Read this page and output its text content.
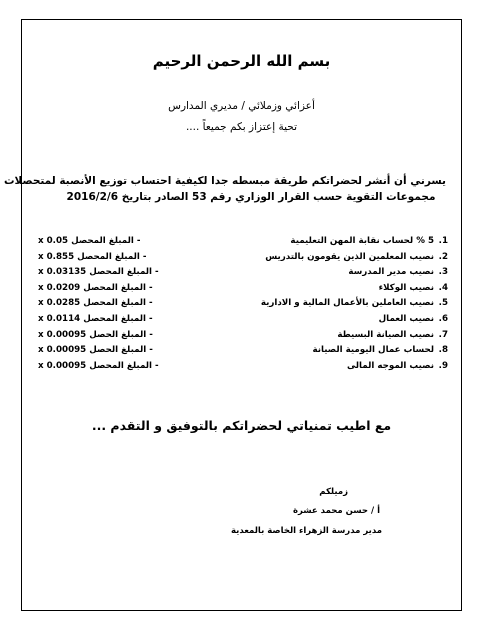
بسم الله الرحمن الرحيم
أعزائي وزملائي / مديري المدارس
تحية إعتزاز بكم جميعاً ....
يسرني أن أنشر لحضراتكم طريقة مبسطه جدا لكيفية احتساب توزيع الأنصبة لمتحصلات
مجموعات التقوية حسب القرار الوزاري رقم 53 الصادر بتاريخ 2016/2/6
.1
5 % لحساب نقابة المهن التعليمية
- المبلغ المحصل 0.05 x
.2
نصيب المعلمين الذين يقومون بالتدريس
- المبلغ المحصل 0.855 x
.3
نصيب مدير المدرسة
- المبلغ المحصل 0.03135 x
.4
نصيب الوكلاء
- المبلغ المحصل 0.0209 x
.5
نصيب العاملين بالأعمال المالية و الادارية
- المبلغ المحصل 0.0285 x
.6
نصيب العمال
- المبلغ المحصل 0.0114 x
.7
نصيب الصيانة البسيطة
- المبلغ الحصل 0.00095 x
.8
لحساب عمال اليومية الصيانة
- المبلغ الحصل 0.00095 x
.9
نصيب الموجه المالى
- المبلغ المحصل 0.00095 x
مع اطيب تمنياتي لحضراتكم بالتوفيق و التقدم ...
زميلكم
أ / حسن محمد عشرة
مدير مدرسة الزهراء الخاصة بالمعدية
